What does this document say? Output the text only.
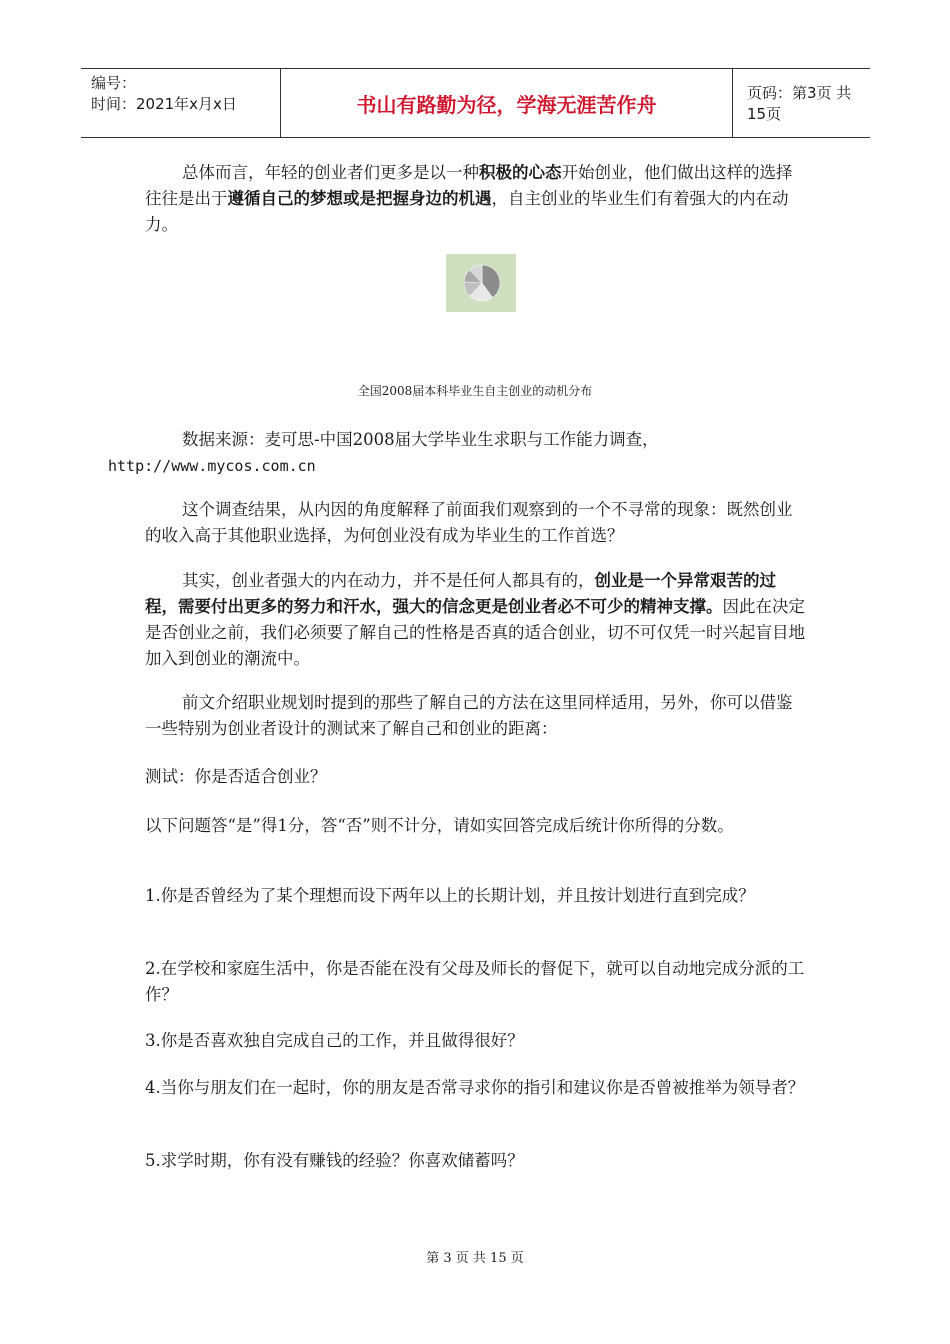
编号：
时间：2021年x月x日	书山有路勤为径，学海无涯苦作舟	页码：第3页 共15页

总体而言，年轻的创业者们更多是以一种积极的心态开始创业，他们做出这样的选择往往是出于遵循自己的梦想或是把握身边的机遇，自主创业的毕业生们有着强大的内在动力。

全国2008届本科毕业生自主创业的动机分布

数据来源：麦可思-中国2008届大学毕业生求职与工作能力调查，
http://www.mycos.com.cn

这个调查结果，从内因的角度解释了前面我们观察到的一个不寻常的现象：既然创业的收入高于其他职业选择，为何创业没有成为毕业生的工作首选？

其实，创业者强大的内在动力，并不是任何人都具有的，创业是一个异常艰苦的过程，需要付出更多的努力和汗水，强大的信念更是创业者必不可少的精神支撑。因此在决定是否创业之前，我们必须要了解自己的性格是否真的适合创业，切不可仅凭一时兴起盲目地加入到创业的潮流中。

前文介绍职业规划时提到的那些了解自己的方法在这里同样适用，另外，你可以借鉴一些特别为创业者设计的测试来了解自己和创业的距离：

测试：你是否适合创业？

以下问题答“是”得1分，答“否”则不计分，请如实回答完成后统计你所得的分数。

1.你是否曾经为了某个理想而设下两年以上的长期计划，并且按计划进行直到完成？

2.在学校和家庭生活中，你是否能在没有父母及师长的督促下，就可以自动地完成分派的工作？

3.你是否喜欢独自完成自己的工作，并且做得很好？

4.当你与朋友们在一起时，你的朋友是否常寻求你的指引和建议你是否曾被推举为领导者？

5.求学时期，你有没有赚钱的经验？你喜欢储蓄吗？

第 3 页 共 15 页
